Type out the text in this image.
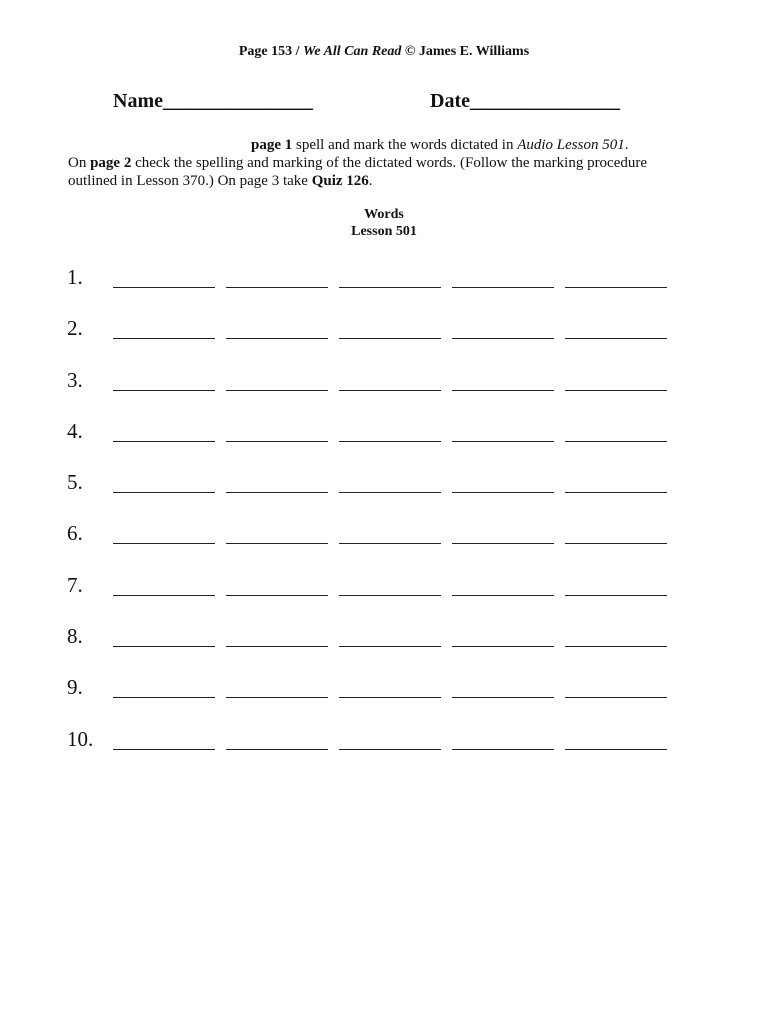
Page 153 / We All Can Read © James E. Williams
Name_______________	Date_______________
page 1 spell and mark the words dictated in Audio Lesson 501.
On page 2 check the spelling and marking of the dictated words. (Follow the marking procedure outlined in Lesson 370.) On page 3 take Quiz 126.
Words
Lesson 501
1.
2.
3.
4.
5.
6.
7.
8.
9.
10.
